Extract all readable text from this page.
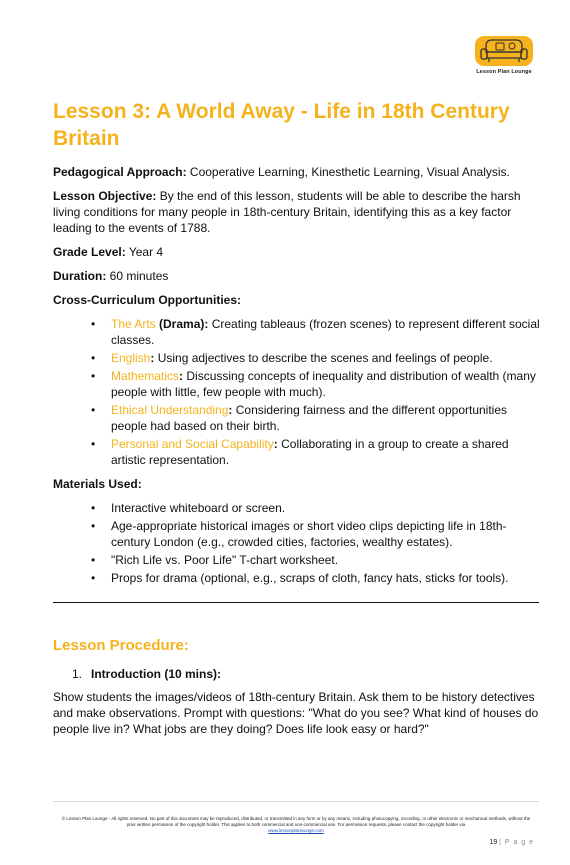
Lesson Plan Lounge
Lesson 3: A World Away - Life in 18th Century Britain

Pedagogical Approach: Cooperative Learning, Kinesthetic Learning, Visual Analysis.

Lesson Objective: By the end of this lesson, students will be able to describe the harsh living conditions for many people in 18th-century Britain, identifying this as a key factor leading to the events of 1788.

Grade Level: Year 4

Duration: 60 minutes

Cross-Curriculum Opportunities:

• The Arts (Drama): Creating tableaus (frozen scenes) to represent different social classes.
• English: Using adjectives to describe the scenes and feelings of people.
• Mathematics: Discussing concepts of inequality and distribution of wealth (many people with little, few people with much).
• Ethical Understanding: Considering fairness and the different opportunities people had based on their birth.
• Personal and Social Capability: Collaborating in a group to create a shared artistic representation.

Materials Used:

• Interactive whiteboard or screen.
• Age-appropriate historical images or short video clips depicting life in 18th-century London (e.g., crowded cities, factories, wealthy estates).
• "Rich Life vs. Poor Life" T-chart worksheet.
• Props for drama (optional, e.g., scraps of cloth, fancy hats, sticks for tools).
Lesson Procedure:
1. Introduction (10 mins):
Show students the images/videos of 18th-century Britain. Ask them to be history detectives and make observations. Prompt with questions: "What do you see? What kind of houses do people live in? What jobs are they doing? Does life look easy or hard?"
© Lesson Plan Lounge - All rights reserved. No part of this document may be reproduced, distributed, or transmitted in any form or by any means, including photocopying, recording, or other electronic or mechanical methods, without the prior written permission of the copyright holder. This applies to both commercial and non-commercial use. For permission requests, please contact the copyright holder via
www.lessonplanlounge.com
19 | P a g e
